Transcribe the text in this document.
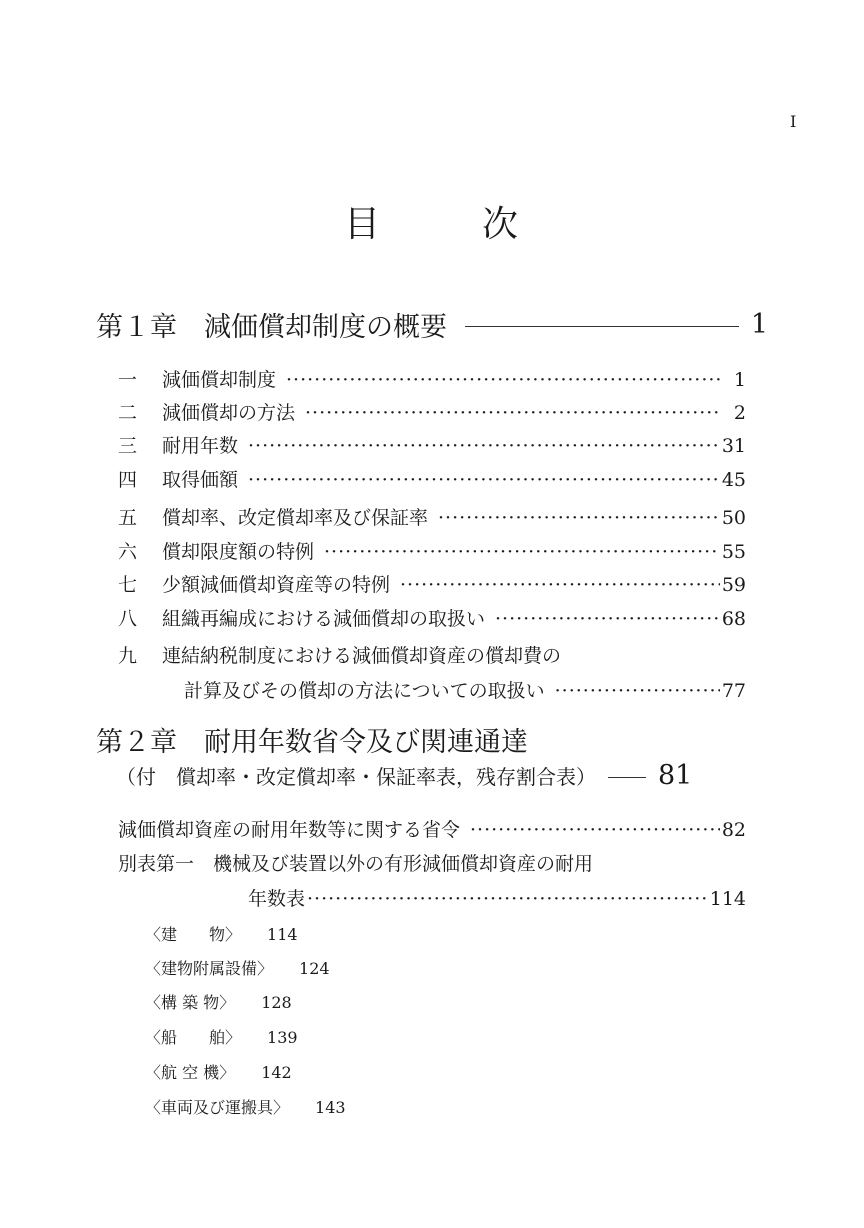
I
目	次
第１章　減価償却制度の概要	1
一	減価償却制度 ·····	1
二	減価償却の方法 ·····	2
三	耐用年数 ·····	31
四	取得価額 ·····	45
五	償却率、改定償却率及び保証率 ·····	50
六	償却限度額の特例 ·····	55
七	少額減価償却資産等の特例 ·····	59
八	組織再編成における減価償却の取扱い ·····	68
九	連結納税制度における減価償却資産の償却費の
計算及びその償却の方法についての取扱い ·····	77
第２章　耐用年数省令及び関連通達
（付　償却率・改定償却率・保証率表，残存割合表） 81
減価償却資産の耐用年数等に関する省令 ·····	82
別表第一　機械及び装置以外の有形減価償却資産の耐用
年数表 ·····	114
〈建　　物〉 114
〈建物附属設備〉 124
〈構 築 物〉 128
〈船　　舶〉 139
〈航 空 機〉 142
〈車両及び運搬具〉 143
